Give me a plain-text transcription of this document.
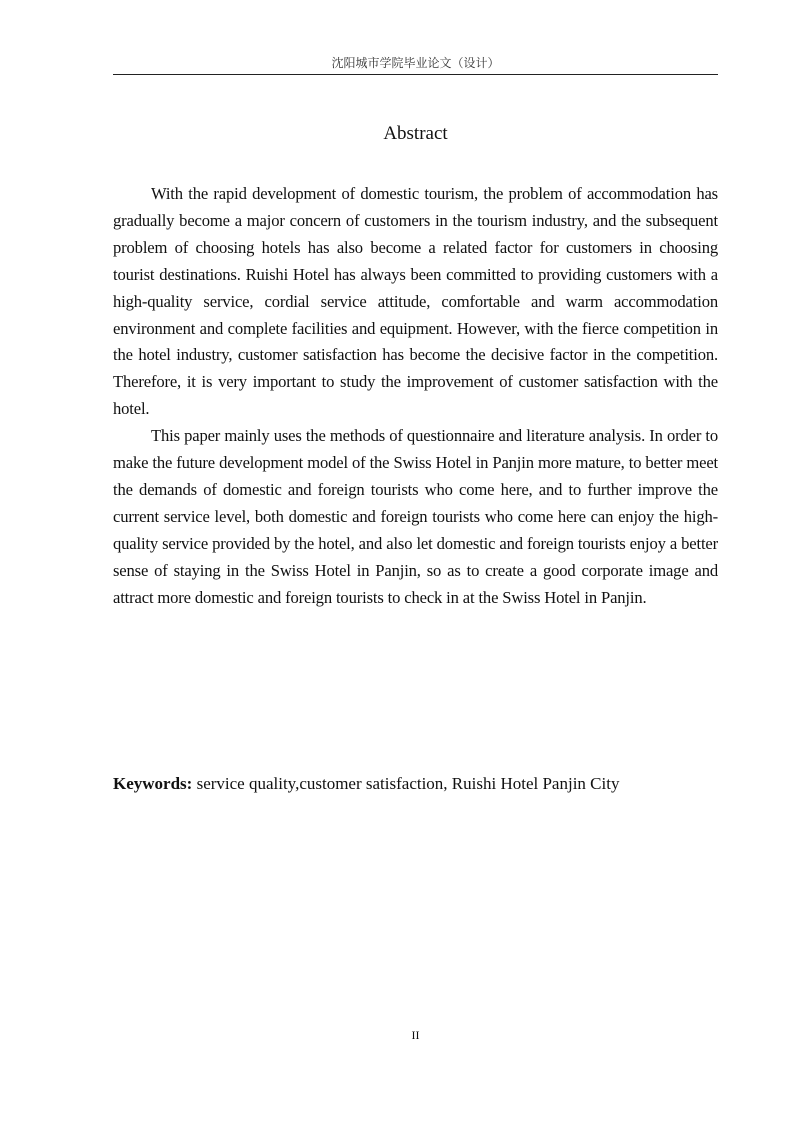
沈阳城市学院毕业论文（设计）
Abstract

With the rapid development of domestic tourism, the problem of accommodation has gradually become a major concern of customers in the tourism industry, and the subsequent problem of choosing hotels has also become a related factor for customers in choosing tourist destinations. Ruishi Hotel has always been committed to providing customers with a high-quality service, cordial service attitude, comfortable and warm accommodation environment and complete facilities and equipment. However, with the fierce competition in the hotel industry, customer satisfaction has become the decisive factor in the competition. Therefore, it is very important to study the improvement of customer satisfaction with the hotel.

This paper mainly uses the methods of questionnaire and literature analysis. In order to make the future development model of the Swiss Hotel in Panjin more mature, to better meet the demands of domestic and foreign tourists who come here, and to further improve the current service level, both domestic and foreign tourists who come here can enjoy the high-quality service provided by the hotel, and also let domestic and foreign tourists enjoy a better sense of staying in the Swiss Hotel in Panjin, so as to create a good corporate image and attract more domestic and foreign tourists to check in at the Swiss Hotel in Panjin.

Keywords: service quality,customer satisfaction, Ruishi Hotel Panjin City
II
